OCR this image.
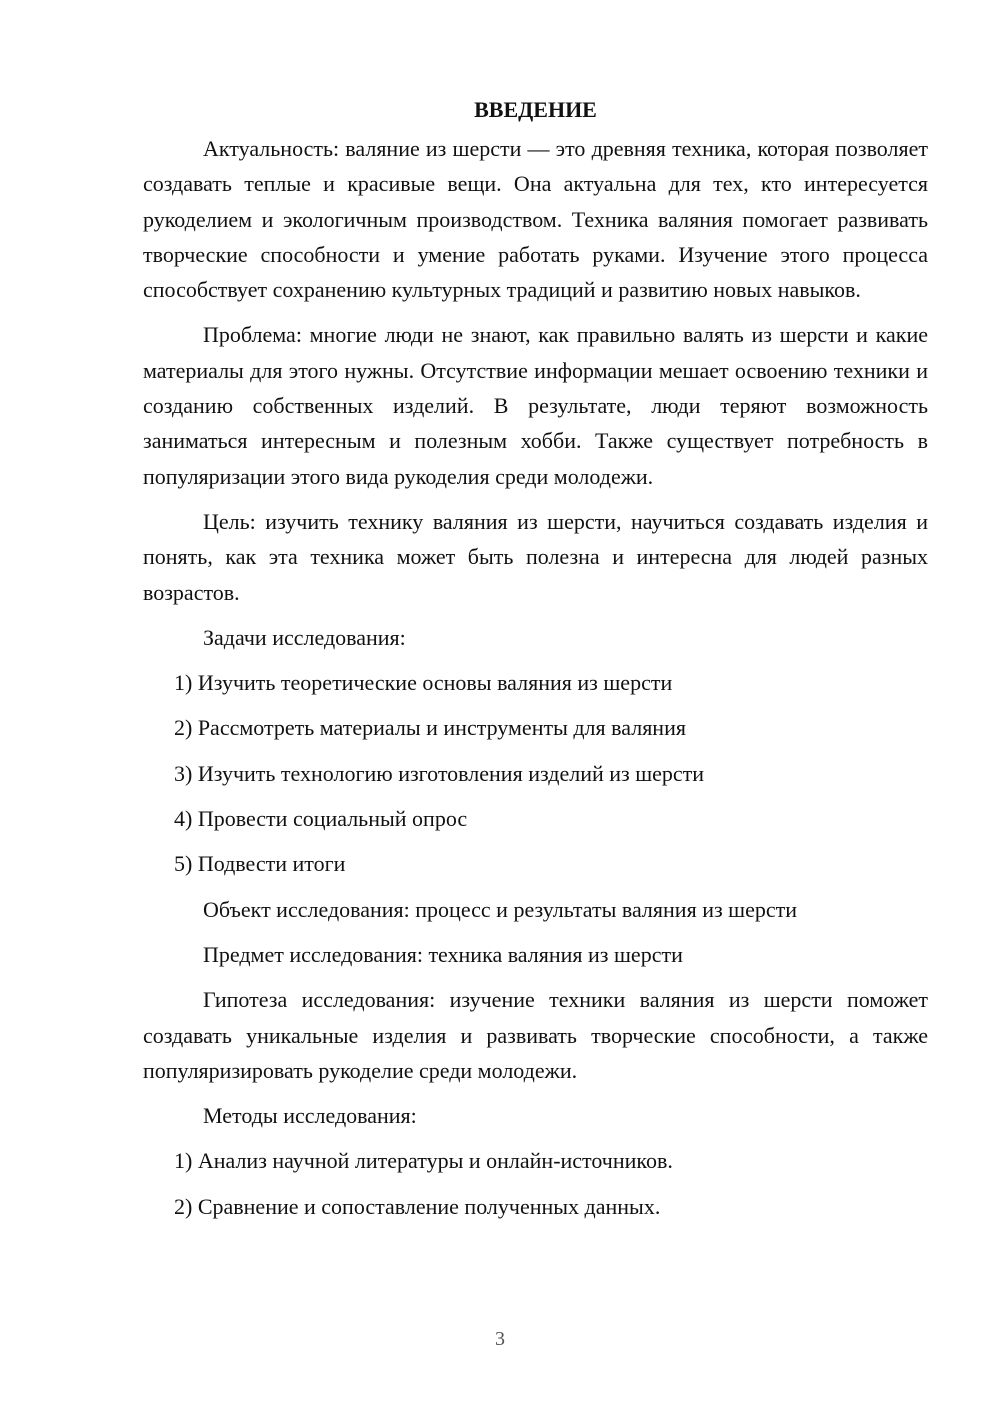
ВВЕДЕНИЕ

Актуальность: валяние из шерсти — это древняя техника, которая позволяет создавать теплые и красивые вещи. Она актуальна для тех, кто интересуется рукоделием и экологичным производством. Техника валяния помогает развивать творческие способности и умение работать руками. Изучение этого процесса способствует сохранению культурных традиций и развитию новых навыков.

Проблема: многие люди не знают, как правильно валять из шерсти и какие материалы для этого нужны. Отсутствие информации мешает освоению техники и созданию собственных изделий. В результате, люди теряют возможность заниматься интересным и полезным хобби. Также существует потребность в популяризации этого вида рукоделия среди молодежи.

Цель: изучить технику валяния из шерсти, научиться создавать изделия и понять, как эта техника может быть полезна и интересна для людей разных возрастов.

Задачи исследования:

1) Изучить теоретические основы валяния из шерсти

2) Рассмотреть материалы и инструменты для валяния

3) Изучить технологию изготовления изделий из шерсти

4) Провести социальный опрос

5) Подвести итоги

Объект исследования: процесс и результаты валяния из шерсти

Предмет исследования: техника валяния из шерсти

Гипотеза исследования: изучение техники валяния из шерсти поможет создавать уникальные изделия и развивать творческие способности, а также популяризировать рукоделие среди молодежи.

Методы исследования:

1) Анализ научной литературы и онлайн-источников.

2) Сравнение и сопоставление полученных данных.

3
